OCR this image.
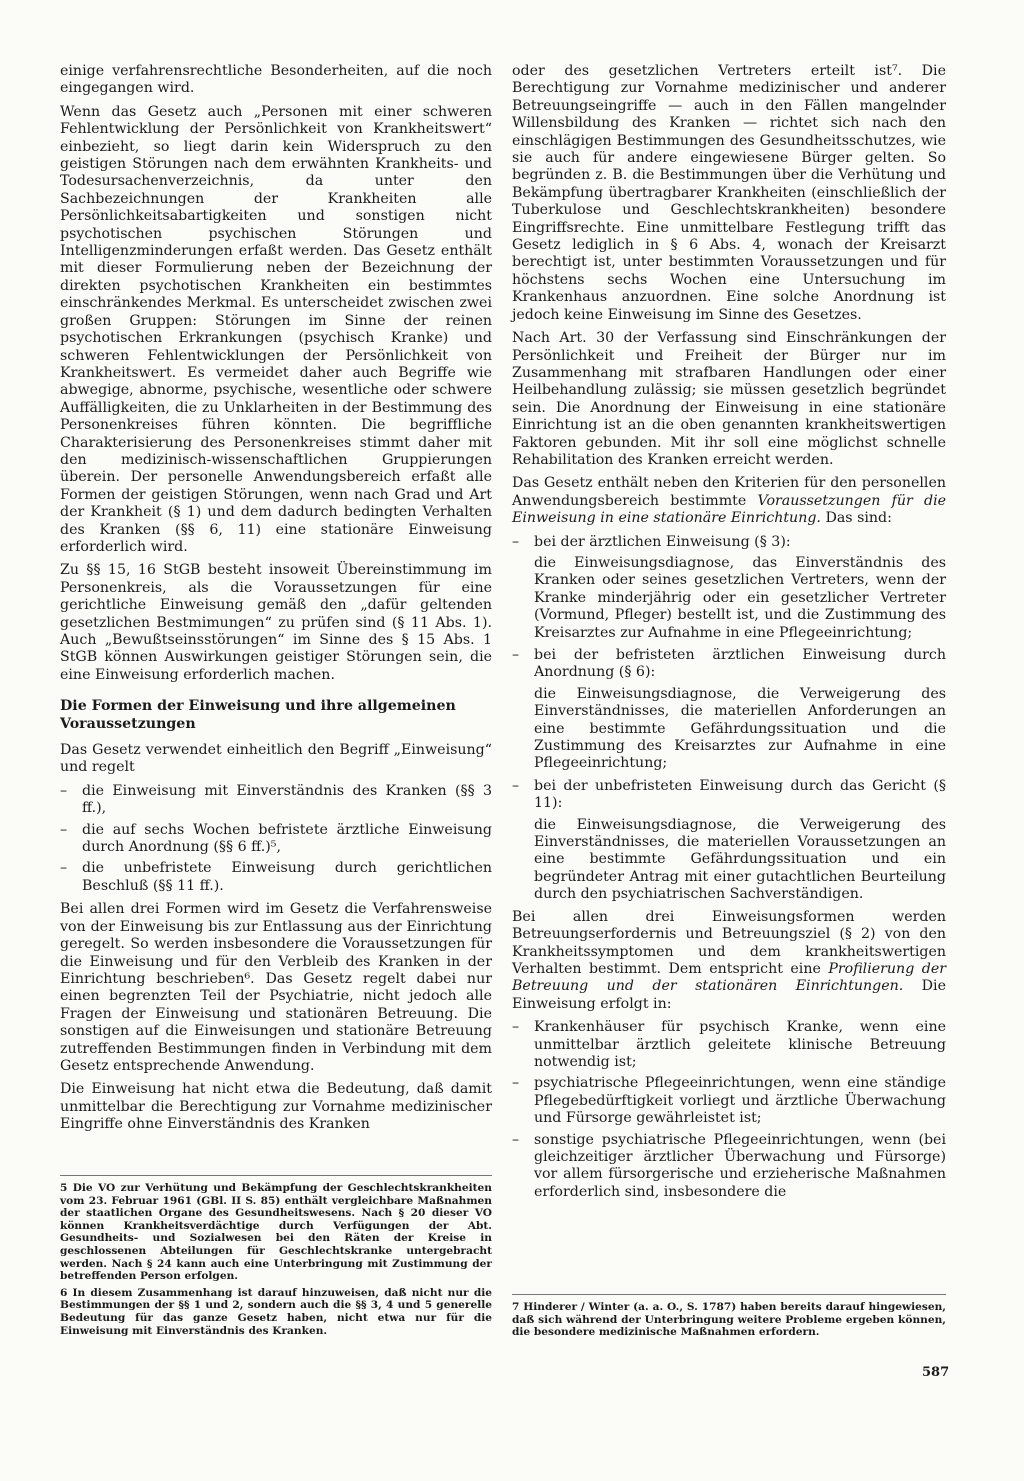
einige verfahrensrechtliche Besonderheiten, auf die noch eingegangen wird.

Wenn das Gesetz auch „Personen mit einer schweren Fehlentwicklung der Persönlichkeit von Krankheitswert“ einbezieht, so liegt darin kein Widerspruch zu den geistigen Störungen nach dem erwähnten Krankheits- und Todesursachenverzeichnis, da unter den Sachbezeichnungen der Krankheiten alle Persönlichkeitsabartigkeiten und sonstigen nicht psychotischen psychischen Störungen und Intelligenzminderungen erfaßt werden. Das Gesetz enthält mit dieser Formulierung neben der Bezeichnung der direkten psychotischen Krankheiten ein bestimmtes einschränkendes Merkmal. Es unterscheidet zwischen zwei großen Gruppen: Störungen im Sinne der reinen psychotischen Erkrankungen (psychisch Kranke) und schweren Fehlentwicklungen der Persönlichkeit von Krankheitswert. Es vermeidet daher auch Begriffe wie abwegige, abnorme, psychische, wesentliche oder schwere Auffälligkeiten, die zu Unklarheiten in der Bestimmung des Personenkreises führen könnten. Die begriffliche Charakterisierung des Personenkreises stimmt daher mit den medizinisch-wissenschaftlichen Gruppierungen überein. Der personelle Anwendungsbereich erfaßt alle Formen der geistigen Störungen, wenn nach Grad und Art der Krankheit (§ 1) und dem dadurch bedingten Verhalten des Kranken (§§ 6, 11) eine stationäre Einweisung erforderlich wird.

Zu §§ 15, 16 StGB besteht insoweit Übereinstimmung im Personenkreis, als die Voraussetzungen für eine gerichtliche Einweisung gemäß den „dafür geltenden gesetzlichen Bestmimungen“ zu prüfen sind (§ 11 Abs. 1). Auch „Bewußtseinsstörungen“ im Sinne des § 15 Abs. 1 StGB können Auswirkungen geistiger Störungen sein, die eine Einweisung erforderlich machen.

Die Formen der Einweisung und ihre allgemeinen Voraussetzungen

Das Gesetz verwendet einheitlich den Begriff „Einweisung“ und regelt

– die Einweisung mit Einverständnis des Kranken (§§ 3 ff.),
– die auf sechs Wochen befristete ärztliche Einweisung durch Anordnung (§§ 6 ff.)⁵,
– die unbefristete Einweisung durch gerichtlichen Beschluß (§§ 11 ff.).

Bei allen drei Formen wird im Gesetz die Verfahrensweise von der Einweisung bis zur Entlassung aus der Einrichtung geregelt. So werden insbesondere die Voraussetzungen für die Einweisung und für den Verbleib des Kranken in der Einrichtung beschrieben⁶. Das Gesetz regelt dabei nur einen begrenzten Teil der Psychiatrie, nicht jedoch alle Fragen der Einweisung und stationären Betreuung. Die sonstigen auf die Einweisungen und stationäre Betreuung zutreffenden Bestimmungen finden in Verbindung mit dem Gesetz entsprechende Anwendung.

Die Einweisung hat nicht etwa die Bedeutung, daß damit unmittelbar die Berechtigung zur Vornahme medizinischer Eingriffe ohne Einverständnis des Kranken

5 Die VO zur Verhütung und Bekämpfung der Geschlechtskrankheiten vom 23. Februar 1961 (GBl. II S. 85) enthält vergleichbare Maßnahmen der staatlichen Organe des Gesundheitswesens. Nach § 20 dieser VO können Krankheitsverdächtige durch Verfügungen der Abt. Gesundheits- und Sozialwesen bei den Räten der Kreise in geschlossenen Abteilungen für Geschlechtskranke untergebracht werden. Nach § 24 kann auch eine Unterbringung mit Zustimmung der betreffenden Person erfolgen.

6 In diesem Zusammenhang ist darauf hinzuweisen, daß nicht nur die Bestimmungen der §§ 1 und 2, sondern auch die §§ 3, 4 und 5 generelle Bedeutung für das ganze Gesetz haben, nicht etwa nur für die Einweisung mit Einverständnis des Kranken.

oder des gesetzlichen Vertreters erteilt ist⁷. Die Berechtigung zur Vornahme medizinischer und anderer Betreuungseingriffe — auch in den Fällen mangelnder Willensbildung des Kranken — richtet sich nach den einschlägigen Bestimmungen des Gesundheitsschutzes, wie sie auch für andere eingewiesene Bürger gelten. So begründen z. B. die Bestimmungen über die Verhütung und Bekämpfung übertragbarer Krankheiten (einschließlich der Tuberkulose und Geschlechtskrankheiten) besondere Eingriffsrechte. Eine unmittelbare Festlegung trifft das Gesetz lediglich in § 6 Abs. 4, wonach der Kreisarzt berechtigt ist, unter bestimmten Voraussetzungen und für höchstens sechs Wochen eine Untersuchung im Krankenhaus anzuordnen. Eine solche Anordnung ist jedoch keine Einweisung im Sinne des Gesetzes.

Nach Art. 30 der Verfassung sind Einschränkungen der Persönlichkeit und Freiheit der Bürger nur im Zusammenhang mit strafbaren Handlungen oder einer Heilbehandlung zulässig; sie müssen gesetzlich begründet sein. Die Anordnung der Einweisung in eine stationäre Einrichtung ist an die oben genannten krankheitswertigen Faktoren gebunden. Mit ihr soll eine möglichst schnelle Rehabilitation des Kranken erreicht werden.

Das Gesetz enthält neben den Kriterien für den personellen Anwendungsbereich bestimmte Voraussetzungen für die Einweisung in eine stationäre Einrichtung. Das sind:

– bei der ärztlichen Einweisung (§ 3):

die Einweisungsdiagnose, das Einverständnis des Kranken oder seines gesetzlichen Vertreters, wenn der Kranke minderjährig oder ein gesetzlicher Vertreter (Vormund, Pfleger) bestellt ist, und die Zustimmung des Kreisarztes zur Aufnahme in eine Pflegeeinrichtung;

– bei der befristeten ärztlichen Einweisung durch Anordnung (§ 6):

die Einweisungsdiagnose, die Verweigerung des Einverständnisses, die materiellen Anforderungen an eine bestimmte Gefährdungssituation und die Zustimmung des Kreisarztes zur Aufnahme in eine Pflegeeinrichtung;

– bei der unbefristeten Einweisung durch das Gericht (§ 11):

die Einweisungsdiagnose, die Verweigerung des Einverständnisses, die materiellen Voraussetzungen an eine bestimmte Gefährdungssituation und ein begründeter Antrag mit einer gutachtlichen Beurteilung durch den psychiatrischen Sachverständigen.

Bei allen drei Einweisungsformen werden Betreuungserfordernis und Betreuungsziel (§ 2) von den Krankheitssymptomen und dem krankheitswertigen Verhalten bestimmt. Dem entspricht eine Profilierung der Betreuung und der stationären Einrichtungen. Die Einweisung erfolgt in:

– Krankenhäuser für psychisch Kranke, wenn eine unmittelbar ärztlich geleitete klinische Betreuung notwendig ist;
– psychiatrische Pflegeeinrichtungen, wenn eine ständige Pflegebedürftigkeit vorliegt und ärztliche Überwachung und Fürsorge gewährleistet ist;
– sonstige psychiatrische Pflegeeinrichtungen, wenn (bei gleichzeitiger ärztlicher Überwachung und Fürsorge) vor allem fürsorgerische und erzieherische Maßnahmen erforderlich sind, insbesondere die

7 Hinderer / Winter (a. a. O., S. 1787) haben bereits darauf hingewiesen, daß sich während der Unterbringung weitere Probleme ergeben können, die besondere medizinische Maßnahmen erfordern.

587
